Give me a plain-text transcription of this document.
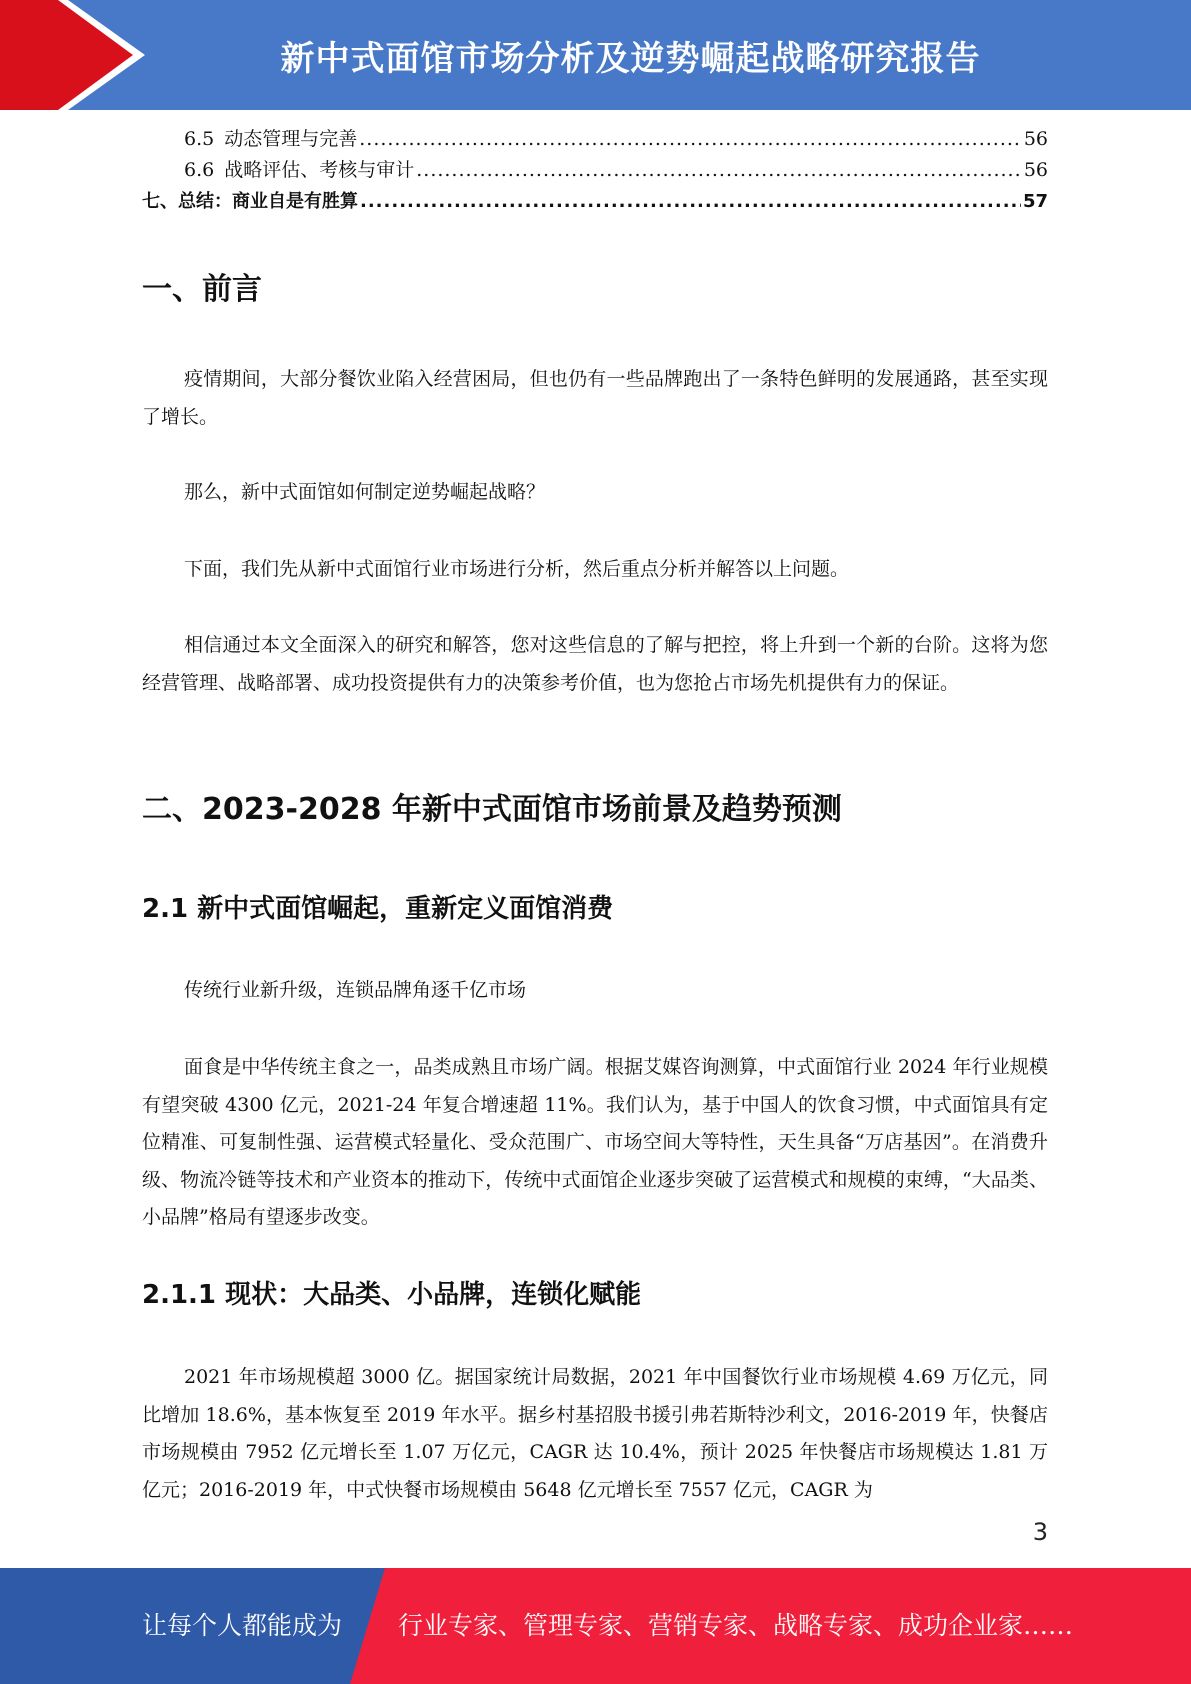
新中式面馆市场分析及逆势崛起战略研究报告
6.5 动态管理与完善 .....	56
6.6 战略评估、考核与审计 .....	56
七、总结：商业自是有胜算 .....	57
一、前言

疫情期间，大部分餐饮业陷入经营困局，但也仍有一些品牌跑出了一条特色鲜明的发展通路，甚至实现了增长。

那么，新中式面馆如何制定逆势崛起战略？

下面，我们先从新中式面馆行业市场进行分析，然后重点分析并解答以上问题。

相信通过本文全面深入的研究和解答，您对这些信息的了解与把控，将上升到一个新的台阶。这将为您经营管理、战略部署、成功投资提供有力的决策参考价值，也为您抢占市场先机提供有力的保证。

二、2023-2028 年新中式面馆市场前景及趋势预测
2.1 新中式面馆崛起，重新定义面馆消费

传统行业新升级，连锁品牌角逐千亿市场

面食是中华传统主食之一，品类成熟且市场广阔。根据艾媒咨询测算，中式面馆行业 2024 年行业规模有望突破 4300 亿元，2021-24 年复合增速超 11%。我们认为，基于中国人的饮食习惯，中式面馆具有定位精准、可复制性强、运营模式轻量化、受众范围广、市场空间大等特性，天生具备“万店基因”。在消费升级、物流冷链等技术和产业资本的推动下，传统中式面馆企业逐步突破了运营模式和规模的束缚，“大品类、小品牌”格局有望逐步改变。

2.1.1 现状：大品类、小品牌，连锁化赋能

2021 年市场规模超 3000 亿。据国家统计局数据，2021 年中国餐饮行业市场规模 4.69 万亿元，同比增加 18.6%，基本恢复至 2019 年水平。据乡村基招股书援引弗若斯特沙利文，2016-2019 年，快餐店市场规模由 7952 亿元增长至 1.07 万亿元，CAGR 达 10.4%，预计 2025 年快餐店市场规模达 1.81 万亿元；2016-2019 年，中式快餐市场规模由 5648 亿元增长至 7557 亿元，CAGR 为

3
让每个人都能成为 行业专家、管理专家、营销专家、战略专家、成功企业家……
